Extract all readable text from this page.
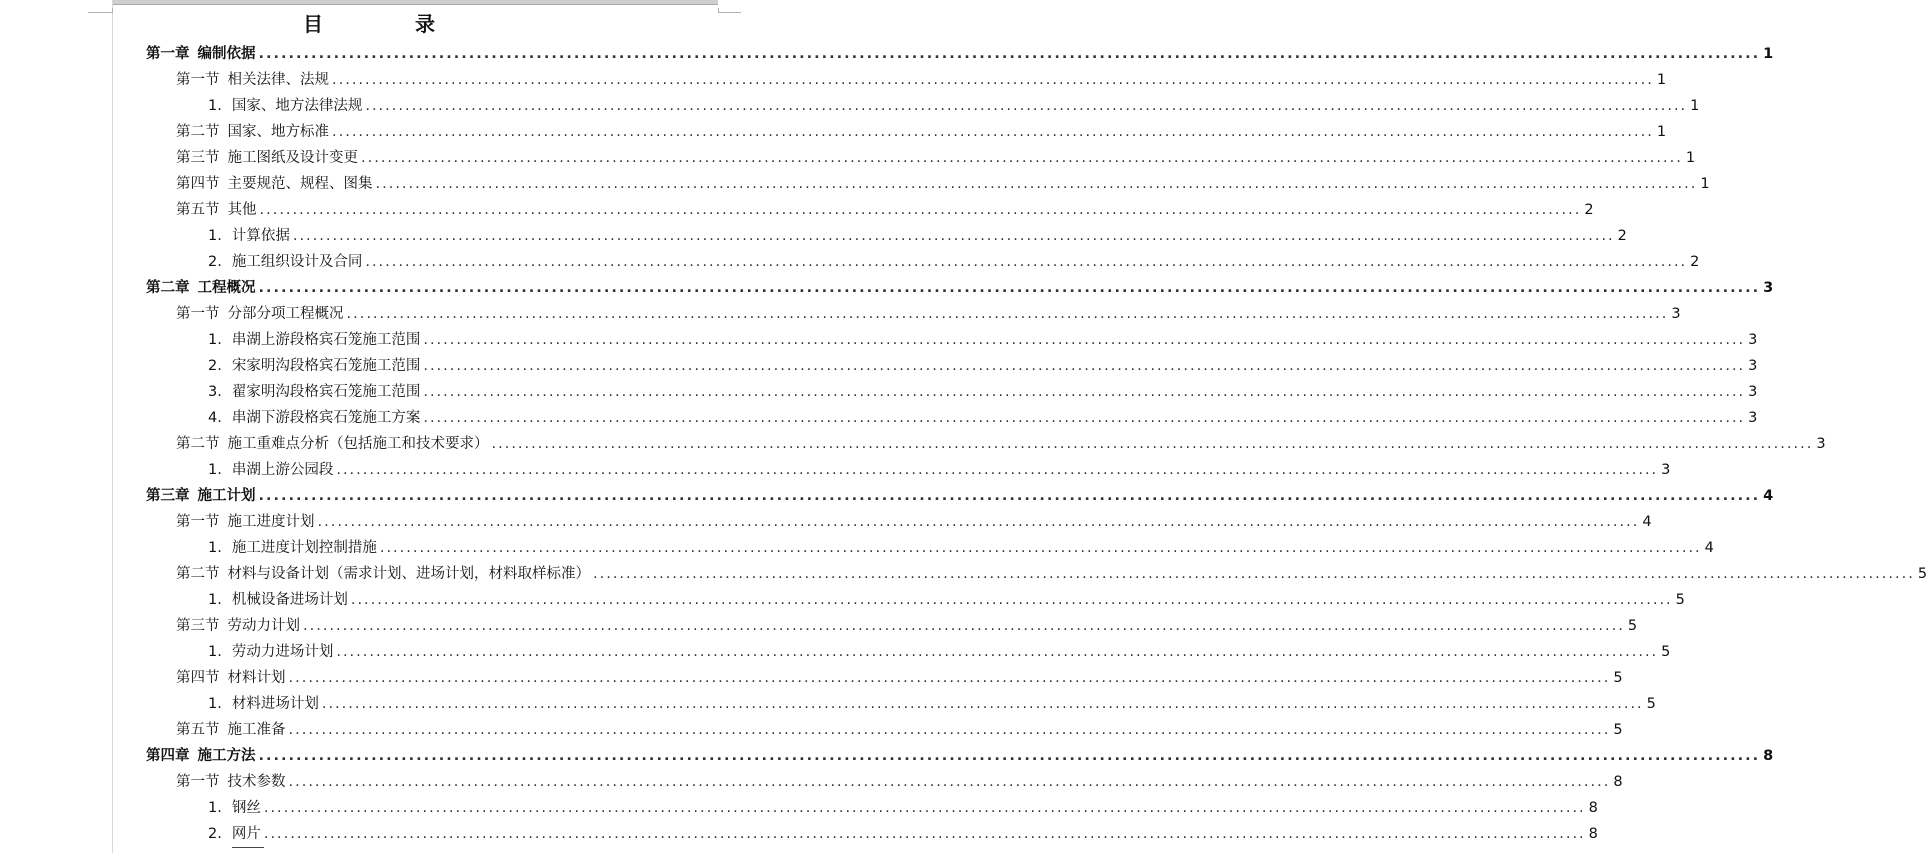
目录
第一章 编制依据 ........................................................................................................................................................................................................ 1
第一节 相关法律、法规 ........................................................................................................................................................................................................ 1
1. 国家、地方法律法规 ........................................................................................................................................................................................................ 1
第二节 国家、地方标准 ........................................................................................................................................................................................................ 1
第三节 施工图纸及设计变更 ........................................................................................................................................................................................................ 1
第四节 主要规范、规程、图集 ........................................................................................................................................................................................................ 1
第五节 其他 ........................................................................................................................................................................................................ 2
1. 计算依据 ........................................................................................................................................................................................................ 2
2. 施工组织设计及合同 ........................................................................................................................................................................................................ 2
第二章 工程概况 ........................................................................................................................................................................................................ 3
第一节 分部分项工程概况 ........................................................................................................................................................................................................ 3
1. 串湖上游段格宾石笼施工范围 ........................................................................................................................................................................................................ 3
2. 宋家明沟段格宾石笼施工范围 ........................................................................................................................................................................................................ 3
3. 翟家明沟段格宾石笼施工范围 ........................................................................................................................................................................................................ 3
4. 串湖下游段格宾石笼施工方案 ........................................................................................................................................................................................................ 3
第二节 施工重难点分析（包括施工和技术要求） ........................................................................................................................................................................................................ 3
1. 串湖上游公园段 ........................................................................................................................................................................................................ 3
第三章 施工计划 ........................................................................................................................................................................................................ 4
第一节 施工进度计划 ........................................................................................................................................................................................................ 4
1. 施工进度计划控制措施 ........................................................................................................................................................................................................ 4
第二节 材料与设备计划（需求计划、进场计划，材料取样标准） ........................................................................................................................................................................................................ 5
1. 机械设备进场计划 ........................................................................................................................................................................................................ 5
第三节 劳动力计划 ........................................................................................................................................................................................................ 5
1. 劳动力进场计划 ........................................................................................................................................................................................................ 5
第四节 材料计划 ........................................................................................................................................................................................................ 5
1. 材料进场计划 ........................................................................................................................................................................................................ 5
第五节 施工准备 ........................................................................................................................................................................................................ 5
第四章 施工方法 ........................................................................................................................................................................................................ 8
第一节 技术参数 ........................................................................................................................................................................................................ 8
1. 钢丝 ........................................................................................................................................................................................................ 8
2. 网片 ........................................................................................................................................................................................................ 8
